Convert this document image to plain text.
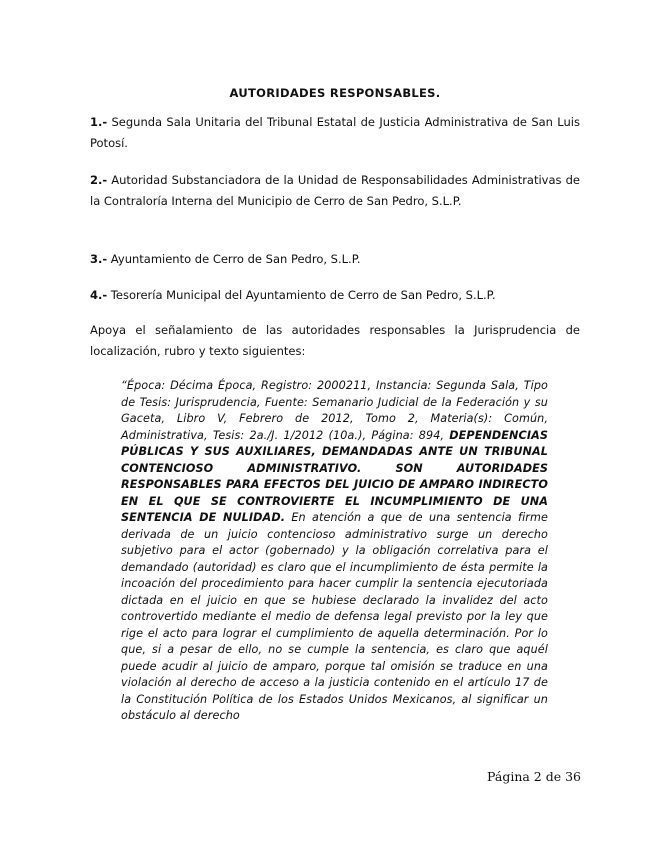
AUTORIDADES RESPONSABLES.
1.- Segunda Sala Unitaria del Tribunal Estatal de Justicia Administrativa de San Luis Potosí.
2.- Autoridad Substanciadora de la Unidad de Responsabilidades Administrativas de la Contraloría Interna del Municipio de Cerro de San Pedro, S.L.P.
3.- Ayuntamiento de Cerro de San Pedro, S.L.P.
4.- Tesorería Municipal del Ayuntamiento de Cerro de San Pedro, S.L.P.
Apoya el señalamiento de las autoridades responsables la Jurisprudencia de localización, rubro y texto siguientes:
“Época: Décima Época, Registro: 2000211, Instancia: Segunda Sala, Tipo de Tesis: Jurisprudencia, Fuente: Semanario Judicial de la Federación y su Gaceta, Libro V, Febrero de 2012, Tomo 2, Materia(s): Común, Administrativa, Tesis: 2a./J. 1/2012 (10a.), Página: 894, DEPENDENCIAS PÚBLICAS Y SUS AUXILIARES, DEMANDADAS ANTE UN TRIBUNAL CONTENCIOSO ADMINISTRATIVO. SON AUTORIDADES RESPONSABLES PARA EFECTOS DEL JUICIO DE AMPARO INDIRECTO EN EL QUE SE CONTROVIERTE EL INCUMPLIMIENTO DE UNA SENTENCIA DE NULIDAD. En atención a que de una sentencia firme derivada de un juicio contencioso administrativo surge un derecho subjetivo para el actor (gobernado) y la obligación correlativa para el demandado (autoridad) es claro que el incumplimiento de ésta permite la incoación del procedimiento para hacer cumplir la sentencia ejecutoriada dictada en el juicio en que se hubiese declarado la invalidez del acto controvertido mediante el medio de defensa legal previsto por la ley que rige el acto para lograr el cumplimiento de aquella determinación. Por lo que, si a pesar de ello, no se cumple la sentencia, es claro que aquél puede acudir al juicio de amparo, porque tal omisión se traduce en una violación al derecho de acceso a la justicia contenido en el artículo 17 de la Constitución Política de los Estados Unidos Mexicanos, al significar un obstáculo al derecho
Página 2 de 36
